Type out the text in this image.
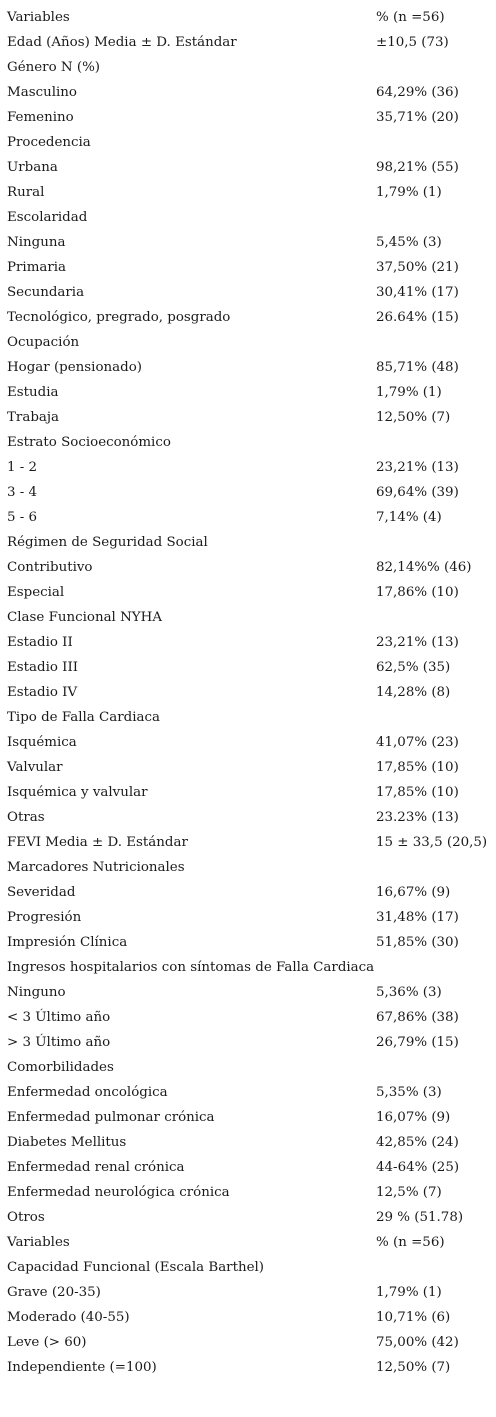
Variables	% (n =56)
Edad (Años) Media ± D. Estándar	±10,5 (73)
Género N (%)
Masculino	64,29% (36)
Femenino	35,71% (20)
Procedencia
Urbana	98,21% (55)
Rural	1,79% (1)
Escolaridad
Ninguna	5,45% (3)
Primaria	37,50% (21)
Secundaria	30,41% (17)
Tecnológico, pregrado, posgrado	26.64% (15)
Ocupación
Hogar (pensionado)	85,71% (48)
Estudia	1,79% (1)
Trabaja	12,50% (7)
Estrato Socioeconómico
1 - 2	23,21% (13)
3 - 4	69,64% (39)
5 - 6	7,14% (4)
Régimen de Seguridad Social
Contributivo	82,14%% (46)
Especial	17,86% (10)
Clase Funcional NYHA
Estadio II	23,21% (13)
Estadio III	62,5% (35)
Estadio IV	14,28% (8)
Tipo de Falla Cardiaca
Isquémica	41,07% (23)
Valvular	17,85% (10)
Isquémica y valvular	17,85% (10)
Otras	23.23% (13)
FEVI Media ± D. Estándar	15 ± 33,5 (20,5)
Marcadores Nutricionales
Severidad	16,67% (9)
Progresión	31,48% (17)
Impresión Clínica	51,85% (30)
Ingresos hospitalarios con síntomas de Falla Cardiaca
Ninguno	5,36% (3)
< 3 Último año	67,86% (38)
> 3 Último año	26,79% (15)
Comorbilidades
Enfermedad oncológica	5,35% (3)
Enfermedad pulmonar crónica	16,07% (9)
Diabetes Mellitus	42,85% (24)
Enfermedad renal crónica	44-64% (25)
Enfermedad neurológica crónica	12,5% (7)
Otros	29 % (51.78)
Variables	% (n =56)
Capacidad Funcional (Escala Barthel)
Grave (20-35)	1,79% (1)
Moderado (40-55)	10,71% (6)
Leve (> 60)	75,00% (42)
Independiente (=100)	12,50% (7)
